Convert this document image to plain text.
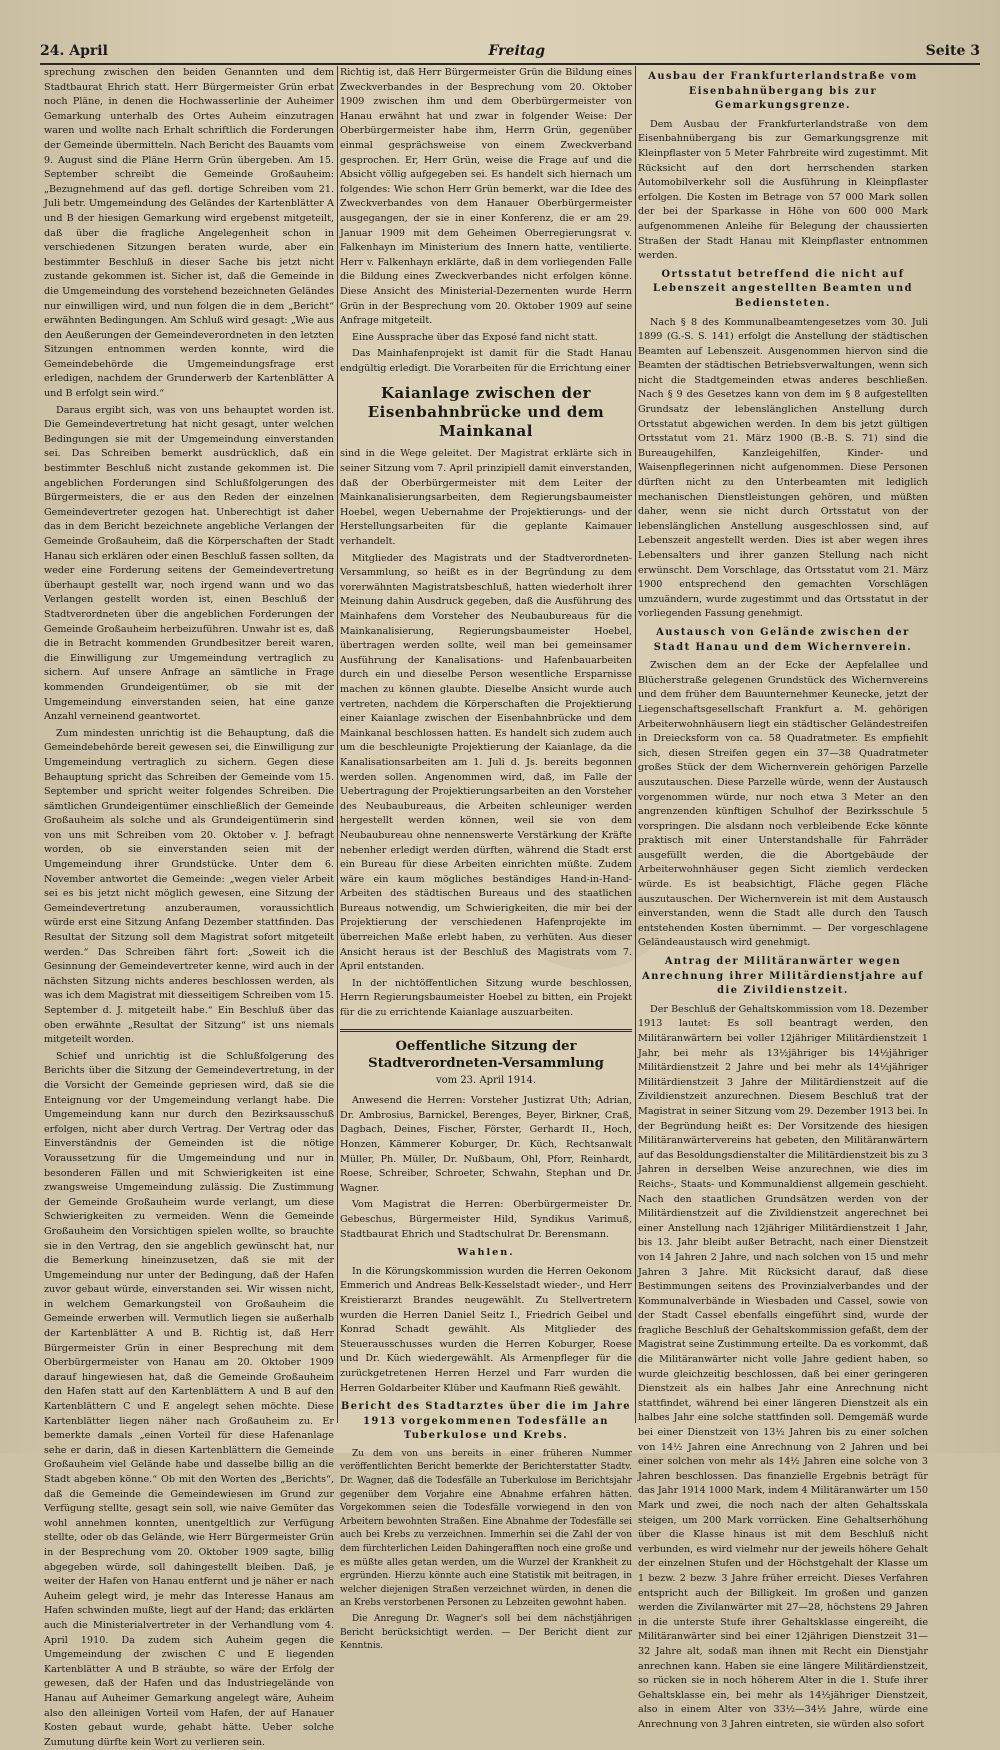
24. April	Freitag	Seite 3

sprechung zwischen den beiden Genannten und dem Stadtbaurat Ehrich statt. Herr Bürgermeister Grün erbat noch Pläne, in denen die Hochwasserlinie der Auheimer Gemarkung unterhalb des Ortes Auheim einzutragen waren und wollte nach Erhalt schriftlich die Forderungen der Gemeinde übermitteln. Nach Bericht des Bauamts vom 9. August sind die Pläne Herrn Grün übergeben. Am 15. September schreibt die Gemeinde Großauheim: „Bezugnehmend auf das gefl. dortige Schreiben vom 21. Juli betr. Umgemeindung des Geländes der Kartenblätter A und B der hiesigen Gemarkung wird ergebenst mitgeteilt, daß über die fragliche Angelegenheit schon in verschiedenen Sitzungen beraten wurde, aber ein bestimmter Beschluß in dieser Sache bis jetzt nicht zustande gekommen ist. Sicher ist, daß die Gemeinde in die Umgemeindung des vorstehend bezeichneten Geländes nur einwilligen wird, und nun folgen die in dem „Bericht“ erwähnten Bedingungen. Am Schluß wird gesagt: „Wie aus den Aeußerungen der Gemeindeverordneten in den letzten Sitzungen entnommen werden konnte, wird die Gemeindebehörde die Umgemeindungsfrage erst erledigen, nachdem der Grunderwerb der Kartenblätter A und B erfolgt sein wird.“

Daraus ergibt sich, was von uns behauptet worden ist. Die Gemeindevertretung hat nicht gesagt, unter welchen Bedingungen sie mit der Umgemeindung einverstanden sei. Das Schreiben bemerkt ausdrücklich, daß ein bestimmter Beschluß nicht zustande gekommen ist. Die angeblichen Forderungen sind Schlußfolgerungen des Bürgermeisters, die er aus den Reden der einzelnen Gemeindevertreter gezogen hat. Unberechtigt ist daher das in dem Bericht bezeichnete angebliche Verlangen der Gemeinde Großauheim, daß die Körperschaften der Stadt Hanau sich erklären oder einen Beschluß fassen sollten, da weder eine Forderung seitens der Gemeindevertretung überhaupt gestellt war, noch irgend wann und wo das Verlangen gestellt worden ist, einen Beschluß der Stadtverordneten über die angeblichen Forderungen der Gemeinde Großauheim herbeizuführen. Unwahr ist es, daß die in Betracht kommenden Grundbesitzer bereit waren, die Einwilligung zur Umgemeindung vertraglich zu sichern. Auf unsere Anfrage an sämtliche in Frage kommenden Grundeigentümer, ob sie mit der Umgemeindung einverstanden seien, hat eine ganze Anzahl verneinend geantwortet.

Zum mindesten unrichtig ist die Behauptung, daß die Gemeindebehörde bereit gewesen sei, die Einwilligung zur Umgemeindung vertraglich zu sichern. Gegen diese Behauptung spricht das Schreiben der Gemeinde vom 15. September und spricht weiter folgendes Schreiben. Die sämtlichen Grundeigentümer einschließlich der Gemeinde Großauheim als solche und als Grundeigentümerin sind von uns mit Schreiben vom 20. Oktober v. J. befragt worden, ob sie einverstanden seien mit der Umgemeindung ihrer Grundstücke. Unter dem 6. November antwortet die Gemeinde: „wegen vieler Arbeit sei es bis jetzt nicht möglich gewesen, eine Sitzung der Gemeindevertretung anzuberaumen, voraussichtlich würde erst eine Sitzung Anfang Dezember stattfinden. Das Resultat der Sitzung soll dem Magistrat sofort mitgeteilt werden.“ Das Schreiben fährt fort: „Soweit ich die Gesinnung der Gemeindevertreter kenne, wird auch in der nächsten Sitzung nichts anderes beschlossen werden, als was ich dem Magistrat mit diesseitigem Schreiben vom 15. September d. J. mitgeteilt habe.“ Ein Beschluß über das oben erwähnte „Resultat der Sitzung“ ist uns niemals mitgeteilt worden.

Schief und unrichtig ist die Schlußfolgerung des Berichts über die Sitzung der Gemeindevertretung, in der die Vorsicht der Gemeinde gepriesen wird, daß sie die Enteignung vor der Umgemeindung verlangt habe. Die Umgemeindung kann nur durch den Bezirksausschuß erfolgen, nicht aber durch Vertrag. Der Vertrag oder das Einverständnis der Gemeinden ist die nötige Voraussetzung für die Umgemeindung und nur in besonderen Fällen und mit Schwierigkeiten ist eine zwangsweise Umgemeindung zulässig. Die Zustimmung der Gemeinde Großauheim wurde verlangt, um diese Schwierigkeiten zu vermeiden. Wenn die Gemeinde Großauheim den Vorsichtigen spielen wollte, so brauchte sie in den Vertrag, den sie angeblich gewünscht hat, nur die Bemerkung hineinzusetzen, daß sie mit der Umgemeindung nur unter der Bedingung, daß der Hafen zuvor gebaut würde, einverstanden sei. Wir wissen nicht, in welchem Gemarkungsteil von Großauheim die Gemeinde erwerben will. Vermutlich liegen sie außerhalb der Kartenblätter A und B. Richtig ist, daß Herr Bürgermeister Grün in einer Besprechung mit dem Oberbürgermeister von Hanau am 20. Oktober 1909 darauf hingewiesen hat, daß die Gemeinde Großauheim den Hafen statt auf den Kartenblättern A und B auf den Kartenblättern C und E angelegt sehen möchte. Diese Kartenblätter liegen näher nach Großauheim zu. Er bemerkte damals „einen Vorteil für diese Hafenanlage sehe er darin, daß in diesen Kartenblättern die Gemeinde Großauheim viel Gelände habe und dasselbe billig an die Stadt abgeben könne.“ Ob mit den Worten des „Berichts“, daß die Gemeinde die Gemeindewiesen im Grund zur Verfügung stellte, gesagt sein soll, wie naive Gemüter das wohl annehmen konnten, unentgeltlich zur Verfügung stellte, oder ob das Gelände, wie Herr Bürgermeister Grün in der Besprechung vom 20. Oktober 1909 sagte, billig abgegeben würde, soll dahingestellt bleiben. Daß, je weiter der Hafen von Hanau entfernt und je näher er nach Auheim gelegt wird, je mehr das Interesse Hanaus am Hafen schwinden mußte, liegt auf der Hand; das erklärten auch die Ministerialvertreter in der Verhandlung vom 4. April 1910. Da zudem sich Auheim gegen die Umgemeindung der zwischen C und E liegenden Kartenblätter A und B sträubte, so wäre der Erfolg der gewesen, daß der Hafen und das Industriegelände von Hanau auf Auheimer Gemarkung angelegt wäre, Auheim also den alleinigen Vorteil vom Hafen, der auf Hanauer Kosten gebaut wurde, gehabt hätte. Ueber solche Zumutung dürfte kein Wort zu verlieren sein.

Richtig ist, daß Herr Bürgermeister Grün die Bildung eines Zweckverbandes in der Besprechung vom 20. Oktober 1909 zwischen ihm und dem Oberbürgermeister von Hanau erwähnt hat und zwar in folgender Weise: Der Oberbürgermeister habe ihm, Herrn Grün, gegenüber einmal gesprächsweise von einem Zweckverband gesprochen. Er, Herr Grün, weise die Frage auf und die Absicht völlig aufgegeben sei. Es handelt sich hiernach um folgendes: Wie schon Herr Grün bemerkt, war die Idee des Zweckverbandes von dem Hanauer Oberbürgermeister ausgegangen, der sie in einer Konferenz, die er am 29. Januar 1909 mit dem Geheimen Oberregierungsrat v. Falkenhayn im Ministerium des Innern hatte, ventilierte. Herr v. Falkenhayn erklärte, daß in dem vorliegenden Falle die Bildung eines Zweckverbandes nicht erfolgen könne. Diese Ansicht des Ministerial-Dezernenten wurde Herrn Grün in der Besprechung vom 20. Oktober 1909 auf seine Anfrage mitgeteilt.

Eine Aussprache über das Exposé fand nicht statt.

Das Mainhafenprojekt ist damit für die Stadt Hanau endgültig erledigt. Die Vorarbeiten für die Errichtung einer

Kaianlage zwischen der Eisenbahnbrücke und dem Mainkanal

sind in die Wege geleitet. Der Magistrat erklärte sich in seiner Sitzung vom 7. April prinzipiell damit einverstanden, daß der Oberbürgermeister mit dem Leiter der Mainkanalisierungsarbeiten, dem Regierungsbaumeister Hoebel, wegen Uebernahme der Projektierungs- und der Herstellungsarbeiten für die geplante Kaimauer verhandelt.

Mitglieder des Magistrats und der Stadtverordneten-Versammlung, so heißt es in der Begründung zu dem vorerwähnten Magistratsbeschluß, hatten wiederholt ihrer Meinung dahin Ausdruck gegeben, daß die Ausführung des Mainhafens dem Vorsteher des Neubaubureaus für die Mainkanalisierung, Regierungsbaumeister Hoebel, übertragen werden sollte, weil man bei gemeinsamer Ausführung der Kanalisations- und Hafenbauarbeiten durch ein und dieselbe Person wesentliche Ersparnisse machen zu können glaubte. Dieselbe Ansicht wurde auch vertreten, nachdem die Körperschaften die Projektierung einer Kaianlage zwischen der Eisenbahnbrücke und dem Mainkanal beschlossen hatten. Es handelt sich zudem auch um die beschleunigte Projektierung der Kaianlage, da die Kanalisationsarbeiten am 1. Juli d. Js. bereits begonnen werden sollen. Angenommen wird, daß, im Falle der Uebertragung der Projektierungsarbeiten an den Vorsteher des Neubaubureaus, die Arbeiten schleuniger werden hergestellt werden können, weil sie von dem Neubaubureau ohne nennenswerte Verstärkung der Kräfte nebenher erledigt werden dürften, während die Stadt erst ein Bureau für diese Arbeiten einrichten müßte. Zudem wäre ein kaum mögliches beständiges Hand-in-Hand-Arbeiten des städtischen Bureaus und des staatlichen Bureaus notwendig, um Schwierigkeiten, die mir bei der Projektierung der verschiedenen Hafenprojekte im überreichen Maße erlebt haben, zu verhüten. Aus dieser Ansicht heraus ist der Beschluß des Magistrats vom 7. April entstanden.

In der nichtöffentlichen Sitzung wurde beschlossen, Herrn Regierungsbaumeister Hoebel zu bitten, ein Projekt für die zu errichtende Kaianlage auszuarbeiten.

Oeffentliche Sitzung der Stadtverordneten-Versammlung
vom 23. April 1914.

Anwesend die Herren: Vorsteher Justizrat Uth; Adrian, Dr. Ambrosius, Barnickel, Berenges, Beyer, Birkner, Craß, Dagbach, Deines, Fischer, Förster, Gerhardt II., Hoch, Honzen, Kämmerer Koburger, Dr. Küch, Rechtsanwalt Müller, Ph. Müller, Dr. Nußbaum, Ohl, Pforr, Reinhardt, Roese, Schreiber, Schroeter, Schwahn, Stephan und Dr. Wagner.

Vom Magistrat die Herren: Oberbürgermeister Dr. Gebeschus, Bürgermeister Hild, Syndikus Varimuß, Stadtbaurat Ehrich und Stadtschulrat Dr. Berensmann.

Wahlen.

In die Körungskommission wurden die Herren Oekonom Emmerich und Andreas Belk-Kesselstadt wieder-, und Herr Kreistierarzt Brandes neugewählt. Zu Stellvertretern wurden die Herren Daniel Seitz I., Friedrich Geibel und Konrad Schadt gewählt. Als Mitglieder des Steuerausschusses wurden die Herren Koburger, Roese und Dr. Küch wiedergewählt. Als Armenpfleger für die zurückgetretenen Herren Herzel und Farr wurden die Herren Goldarbeiter Klüber und Kaufmann Rieß gewählt.

Bericht des Stadtarztes über die im Jahre 1913 vorgekommenen Todesfälle an Tuberkulose und Krebs.

Zu dem von uns bereits in einer früheren Nummer veröffentlichten Bericht bemerkte der Berichterstatter Stadtv. Dr. Wagner, daß die Todesfälle an Tuberkulose im Berichtsjahr gegenüber dem Vorjahre eine Abnahme erfahren hätten. Vorgekommen seien die Todesfälle vorwiegend in den von Arbeitern bewohnten Straßen. Eine Abnahme der Todesfälle sei auch bei Krebs zu verzeichnen. Immerhin sei die Zahl der von dem fürchterlichen Leiden Dahingerafften noch eine große und es müßte alles getan werden, um die Wurzel der Krankheit zu ergründen. Hierzu könnte auch eine Statistik mit beitragen, in welcher diejenigen Straßen verzeichnet würden, in denen die an Krebs verstorbenen Personen zu Lebzeiten gewohnt haben.

Die Anregung Dr. Wagner's soll bei dem nächstjährigen Bericht berücksichtigt werden. — Der Bericht dient zur Kenntnis.

Ausbau der Frankfurterlandstraße vom Eisenbahnübergang bis zur Gemarkungsgrenze.

Dem Ausbau der Frankfurterlandstraße von dem Eisenbahnübergang bis zur Gemarkungsgrenze mit Kleinpflaster von 5 Meter Fahrbreite wird zugestimmt. Mit Rücksicht auf den dort herrschenden starken Automobilverkehr soll die Ausführung in Kleinpflaster erfolgen. Die Kosten im Betrage von 57 000 Mark sollen der bei der Sparkasse in Höhe von 600 000 Mark aufgenommenen Anleihe für Belegung der chaussierten Straßen der Stadt Hanau mit Kleinpflaster entnommen werden.

Ortsstatut betreffend die nicht auf Lebenszeit angestellten Beamten und Bediensteten.

Nach § 8 des Kommunalbeamtengesetzes vom 30. Juli 1899 (G.-S. S. 141) erfolgt die Anstellung der städtischen Beamten auf Lebenszeit. Ausgenommen hiervon sind die Beamten der städtischen Betriebsverwaltungen, wenn sich nicht die Stadtgemeinden etwas anderes beschließen. Nach § 9 des Gesetzes kann von dem im § 8 aufgestellten Grundsatz der lebenslänglichen Anstellung durch Ortsstatut abgewichen werden. In dem bis jetzt gültigen Ortsstatut vom 21. März 1900 (B.-B. S. 71) sind die Bureaugehilfen, Kanzleigehilfen, Kinder- und Waisenpflegerinnen nicht aufgenommen. Diese Personen dürften nicht zu den Unterbeamten mit lediglich mechanischen Dienstleistungen gehören, und müßten daher, wenn sie nicht durch Ortsstatut von der lebenslänglichen Anstellung ausgeschlossen sind, auf Lebenszeit angestellt werden. Dies ist aber wegen ihres Lebensalters und ihrer ganzen Stellung nach nicht erwünscht. Dem Vorschlage, das Ortsstatut vom 21. März 1900 entsprechend den gemachten Vorschlägen umzuändern, wurde zugestimmt und das Ortsstatut in der vorliegenden Fassung genehmigt.

Austausch von Gelände zwischen der Stadt Hanau und dem Wichernverein.

Zwischen dem an der Ecke der Aepfelallee und Blücherstraße gelegenen Grundstück des Wichernvereins und dem früher dem Bauunternehmer Keunecke, jetzt der Liegenschaftsgesellschaft Frankfurt a. M. gehörigen Arbeiterwohnhäusern liegt ein städtischer Geländestreifen in Dreiecksform von ca. 58 Quadratmeter. Es empfiehlt sich, diesen Streifen gegen ein 37—38 Quadratmeter großes Stück der dem Wichernverein gehörigen Parzelle auszutauschen. Diese Parzelle würde, wenn der Austausch vorgenommen würde, nur noch etwa 3 Meter an den angrenzenden künftigen Schulhof der Bezirksschule 5 vorspringen. Die alsdann noch verbleibende Ecke könnte praktisch mit einer Unterstandshalle für Fahrräder ausgefüllt werden, die die Abortgebäude der Arbeiterwohnhäuser gegen Sicht ziemlich verdecken würde. Es ist beabsichtigt, Fläche gegen Fläche auszutauschen. Der Wichernverein ist mit dem Austausch einverstanden, wenn die Stadt alle durch den Tausch entstehenden Kosten übernimmt. — Der vorgeschlagene Geländeaustausch wird genehmigt.

Antrag der Militäranwärter wegen Anrechnung ihrer Militärdienstjahre auf die Zivildienstzeit.

Der Beschluß der Gehaltskommission vom 18. Dezember 1913 lautet: Es soll beantragt werden, den Militäranwärtern bei voller 12jähriger Militärdienstzeit 1 Jahr, bei mehr als 13½jähriger bis 14½jähriger Militärdienstzeit 2 Jahre und bei mehr als 14½jähriger Militärdienstzeit 3 Jahre der Militärdienstzeit auf die Zivildienstzeit anzurechnen. Diesem Beschluß trat der Magistrat in seiner Sitzung vom 29. Dezember 1913 bei. In der Begründung heißt es: Der Vorsitzende des hiesigen Militäranwärtervereins hat gebeten, den Militäranwärtern auf das Besoldungsdienstalter die Militärdienstzeit bis zu 3 Jahren in derselben Weise anzurechnen, wie dies im Reichs-, Staats- und Kommunaldienst allgemein geschieht. Nach den staatlichen Grundsätzen werden von der Militärdienstzeit auf die Zivildienstzeit angerechnet bei einer Anstellung nach 12jähriger Militärdienstzeit 1 Jahr, bis 13. Jahr bleibt außer Betracht, nach einer Dienstzeit von 14 Jahren 2 Jahre, und nach solchen von 15 und mehr Jahren 3 Jahre. Mit Rücksicht darauf, daß diese Bestimmungen seitens des Provinzialverbandes und der Kommunalverbände in Wiesbaden und Cassel, sowie von der Stadt Cassel ebenfalls eingeführt sind, wurde der fragliche Beschluß der Gehaltskommission gefaßt, dem der Magistrat seine Zustimmung erteilte. Da es vorkommt, daß die Militäranwärter nicht volle Jahre gedient haben, so wurde gleichzeitig beschlossen, daß bei einer geringeren Dienstzeit als ein halbes Jahr eine Anrechnung nicht stattfindet, während bei einer längeren Dienstzeit als ein halbes Jahr eine solche stattfinden soll. Demgemäß wurde bei einer Dienstzeit von 13½ Jahren bis zu einer solchen von 14½ Jahren eine Anrechnung von 2 Jahren und bei einer solchen von mehr als 14½ Jahren eine solche von 3 Jahren beschlossen. Das finanzielle Ergebnis beträgt für das Jahr 1914 1000 Mark, indem 4 Militäranwärter um 150 Mark und zwei, die noch nach der alten Gehaltsskala steigen, um 200 Mark vorrücken. Eine Gehaltserhöhung über die Klasse hinaus ist mit dem Beschluß nicht verbunden, es wird vielmehr nur der jeweils höhere Gehalt der einzelnen Stufen und der Höchstgehalt der Klasse um 1 bezw. 2 bezw. 3 Jahre früher erreicht. Dieses Verfahren entspricht auch der Billigkeit. Im großen und ganzen werden die Zivilanwärter mit 27—28, höchstens 29 Jahren in die unterste Stufe ihrer Gehaltsklasse eingereiht, die Militäranwärter sind bei einer 12jährigen Dienstzeit 31—32 Jahre alt, sodaß man ihnen mit Recht ein Dienstjahr anrechnen kann. Haben sie eine längere Militärdienstzeit, so rücken sie in noch höherem Alter in die 1. Stufe ihrer Gehaltsklasse ein, bei mehr als 14½jähriger Dienstzeit, also in einem Alter von 33½—34½ Jahre, würde eine Anrechnung von 3 Jahren eintreten, sie würden also sofort
